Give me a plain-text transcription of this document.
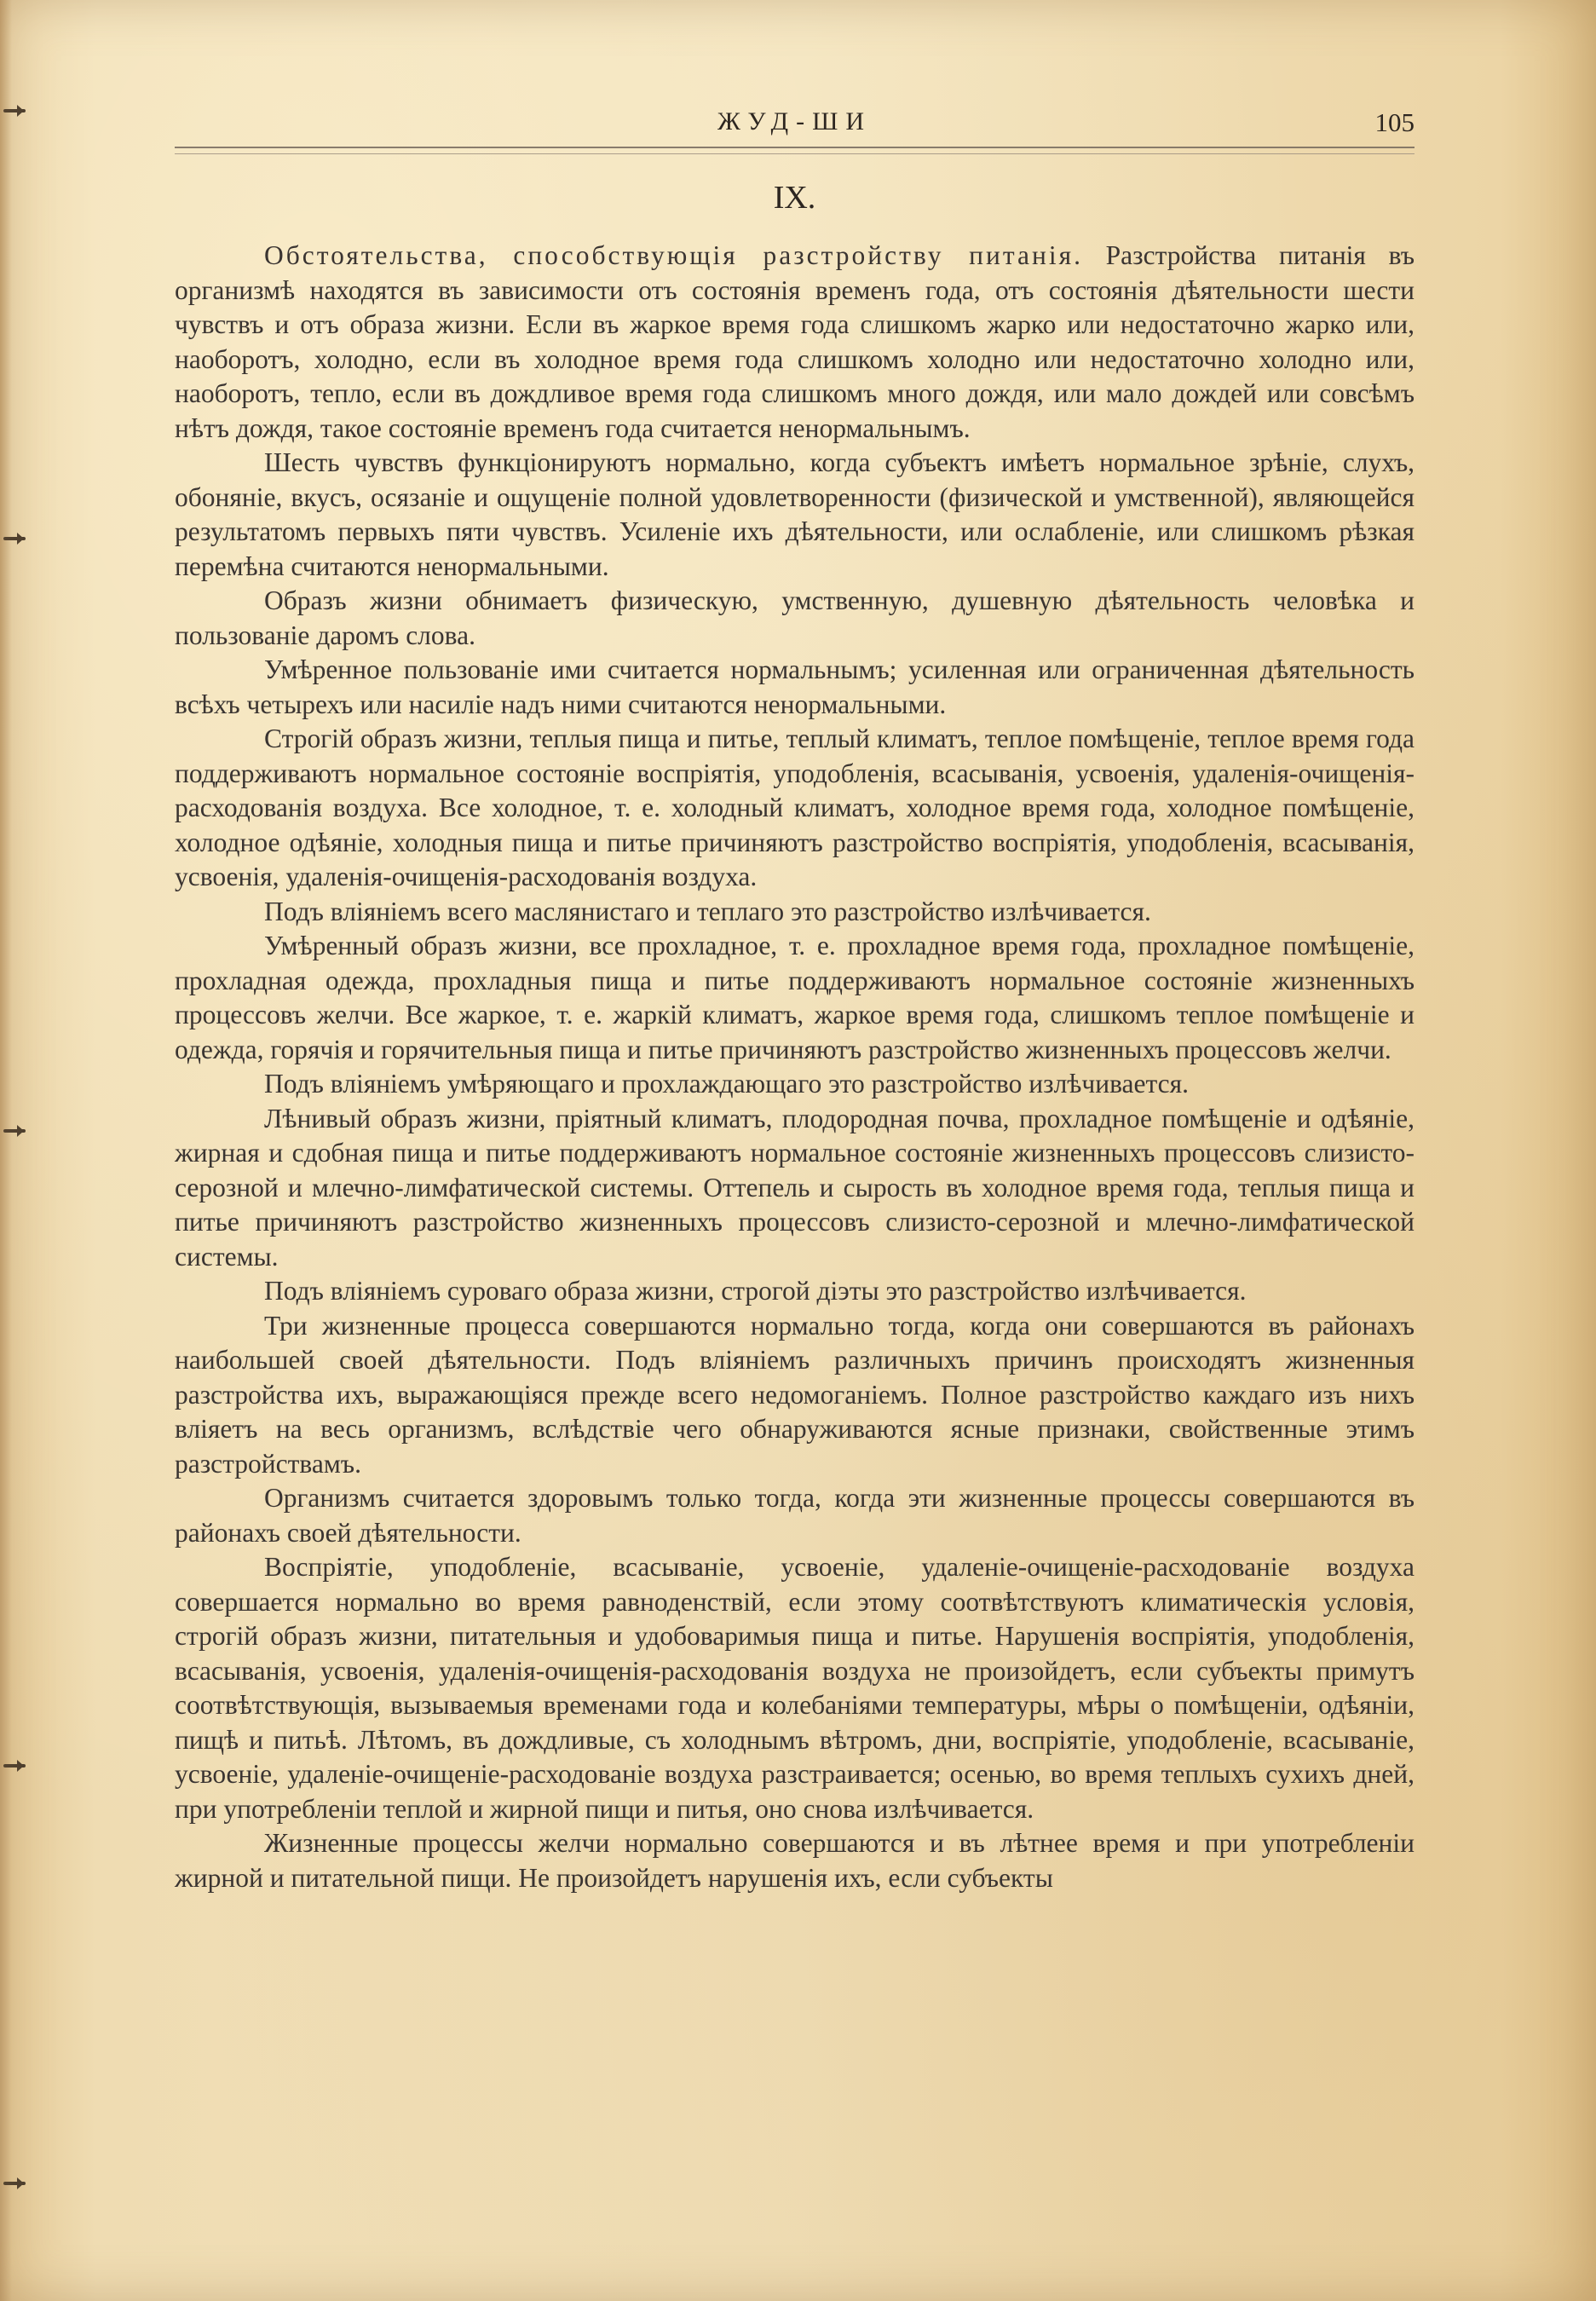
ЖУД-ШИ	105
IX.

Обстоятельства, способствующія разстройству питанія. Разстройства питанія въ организмѣ находятся въ зависимости отъ состоянія временъ года, отъ состоянія дѣятельности шести чувствъ и отъ образа жизни. Если въ жаркое время года слишкомъ жарко или недостаточно жарко или, наоборотъ, холодно, если въ холодное время года слишкомъ холодно или недостаточно холодно или, наоборотъ, тепло, если въ дождливое время года слишкомъ много дождя, или мало дождей или совсѣмъ нѣтъ дождя, такое состояніе временъ года считается ненормальнымъ.

Шесть чувствъ функціонируютъ нормально, когда субъектъ имѣетъ нормальное зрѣніе, слухъ, обоняніе, вкусъ, осязаніе и ощущеніе полной удовлетворенности (физической и умственной), являющейся результатомъ первыхъ пяти чувствъ. Усиленіе ихъ дѣятельности, или ослабленіе, или слишкомъ рѣзкая перемѣна считаются ненормальными.

Образъ жизни обнимаетъ физическую, умственную, душевную дѣятельность человѣка и пользованіе даромъ слова.

Умѣренное пользованіе ими считается нормальнымъ; усиленная или ограниченная дѣятельность всѣхъ четырехъ или насиліе надъ ними считаются ненормальными.

Строгій образъ жизни, теплыя пища и питье, теплый климатъ, теплое помѣщеніе, теплое время года поддерживаютъ нормальное состояніе воспріятія, уподобленія, всасыванія, усвоенія, удаленія-очищенія-расходованія воздуха. Все холодное, т. е. холодный климатъ, холодное время года, холодное помѣщеніе, холодное одѣяніе, холодныя пища и питье причиняютъ разстройство воспріятія, уподобленія, всасыванія, усвоенія, удаленія-очищенія-расходованія воздуха.

Подъ вліяніемъ всего маслянистаго и теплаго это разстройство излѣчивается.

Умѣренный образъ жизни, все прохладное, т. е. прохладное время года, прохладное помѣщеніе, прохладная одежда, прохладныя пища и питье поддерживаютъ нормальное состояніе жизненныхъ процессовъ желчи. Все жаркое, т. е. жаркій климатъ, жаркое время года, слишкомъ теплое помѣщеніе и одежда, горячія и горячительныя пища и питье причиняютъ разстройство жизненныхъ процессовъ желчи.

Подъ вліяніемъ умѣряющаго и прохлаждающаго это разстройство излѣчивается.

Лѣнивый образъ жизни, пріятный климатъ, плодородная почва, прохладное помѣщеніе и одѣяніе, жирная и сдобная пища и питье поддерживаютъ нормальное состояніе жизненныхъ процессовъ слизисто-серозной и млечно-лимфатической системы. Оттепель и сырость въ холодное время года, теплыя пища и питье причиняютъ разстройство жизненныхъ процессовъ слизисто-серозной и млечно-лимфатической системы.

Подъ вліяніемъ суроваго образа жизни, строгой діэты это разстройство излѣчивается.

Три жизненные процесса совершаются нормально тогда, когда они совершаются въ районахъ наибольшей своей дѣятельности. Подъ вліяніемъ различныхъ причинъ происходятъ жизненныя разстройства ихъ, выражающіяся прежде всего недомоганіемъ. Полное разстройство каждаго изъ нихъ вліяетъ на весь организмъ, вслѣдствіе чего обнаруживаются ясные признаки, свойственные этимъ разстройствамъ.

Организмъ считается здоровымъ только тогда, когда эти жизненные процессы совершаются въ районахъ своей дѣятельности.

Воспріятіе, уподобленіе, всасываніе, усвоеніе, удаленіе-очищеніе-расходованіе воздуха совершается нормально во время равноденствій, если этому соотвѣтствуютъ климатическія условія, строгій образъ жизни, питательныя и удобоваримыя пища и питье. Нарушенія воспріятія, уподобленія, всасыванія, усвоенія, удаленія-очищенія-расходованія воздуха не произойдетъ, если субъекты примутъ соотвѣтствующія, вызываемыя временами года и колебаніями температуры, мѣры о помѣщеніи, одѣяніи, пищѣ и питьѣ. Лѣтомъ, въ дождливые, съ холоднымъ вѣтромъ, дни, воспріятіе, уподобленіе, всасываніе, усвоеніе, удаленіе-очищеніе-расходованіе воздуха разстраивается; осенью, во время теплыхъ сухихъ дней, при употребленіи теплой и жирной пищи и питья, оно снова излѣчивается.

Жизненные процессы желчи нормально совершаются и въ лѣтнее время и при употребленіи жирной и питательной пищи. Не произойдетъ нарушенія ихъ, если субъекты
